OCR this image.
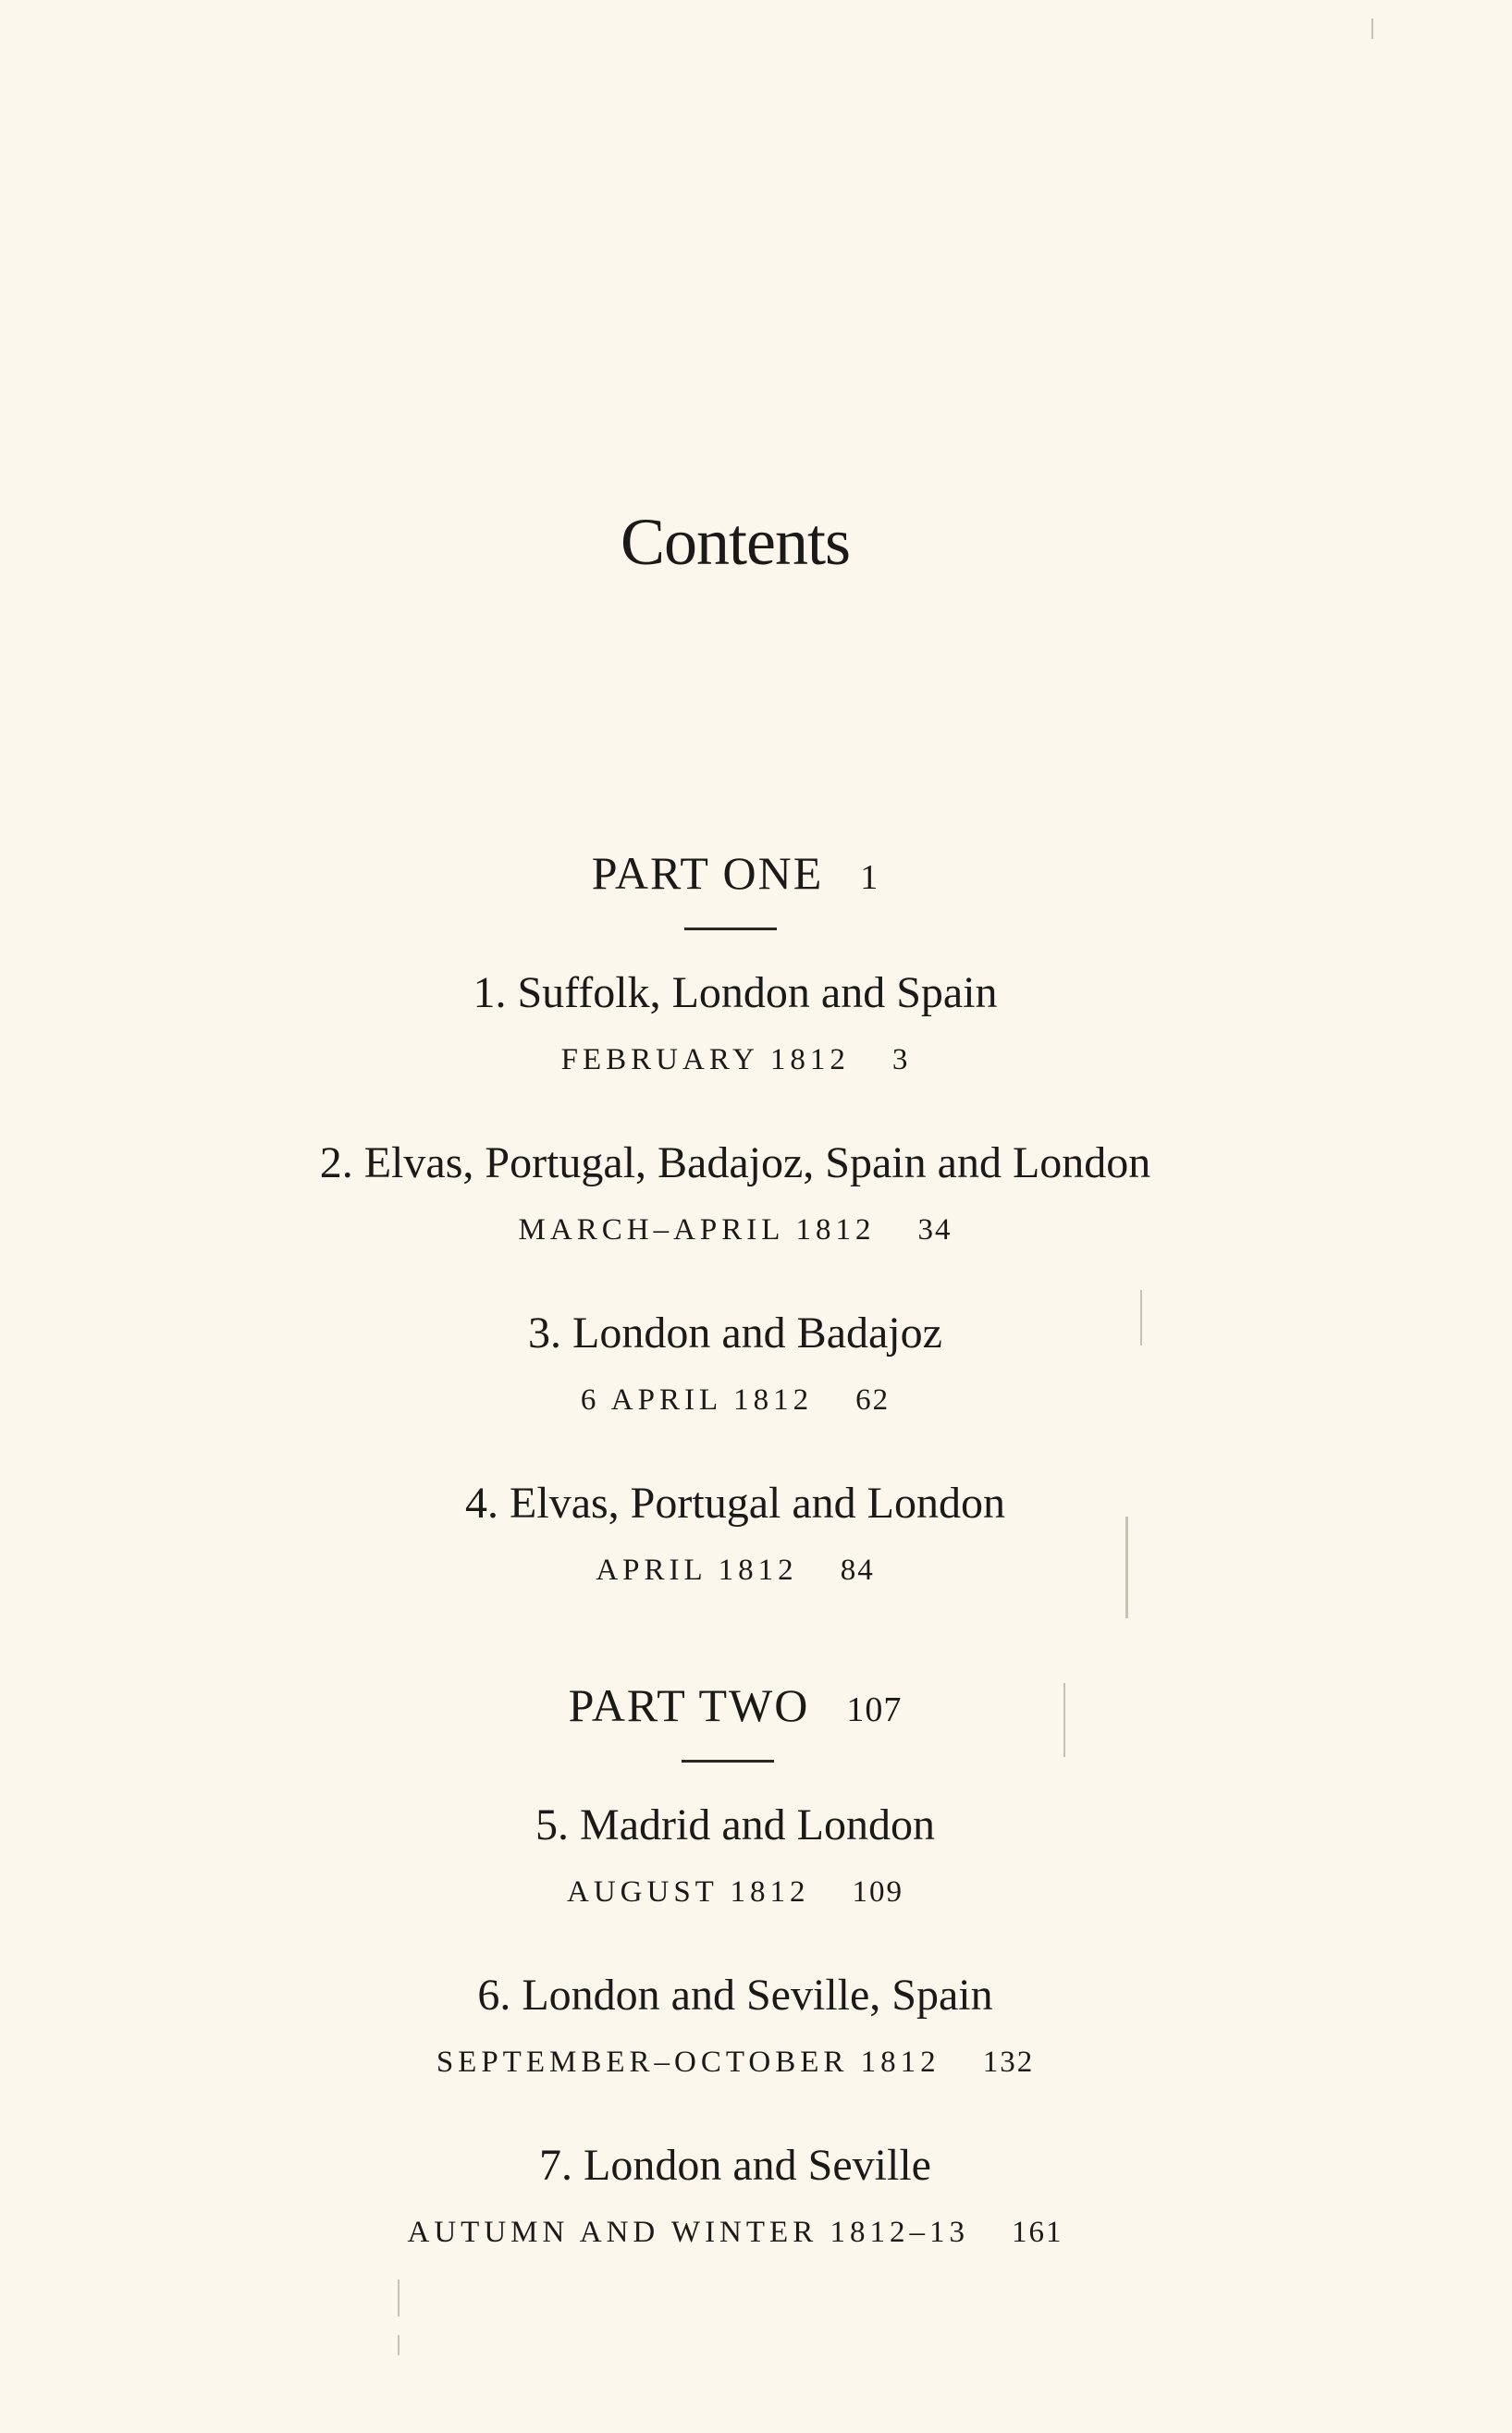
Contents
PART ONE 1
1. Suffolk, London and Spain
FEBRUARY 1812 3
2. Elvas, Portugal, Badajoz, Spain and London
MARCH–APRIL 1812 34
3. London and Badajoz
6 APRIL 1812 62
4. Elvas, Portugal and London
APRIL 1812 84
PART TWO 107
5. Madrid and London
AUGUST 1812 109
6. London and Seville, Spain
SEPTEMBER–OCTOBER 1812 132
7. London and Seville
AUTUMN AND WINTER 1812–13 161
